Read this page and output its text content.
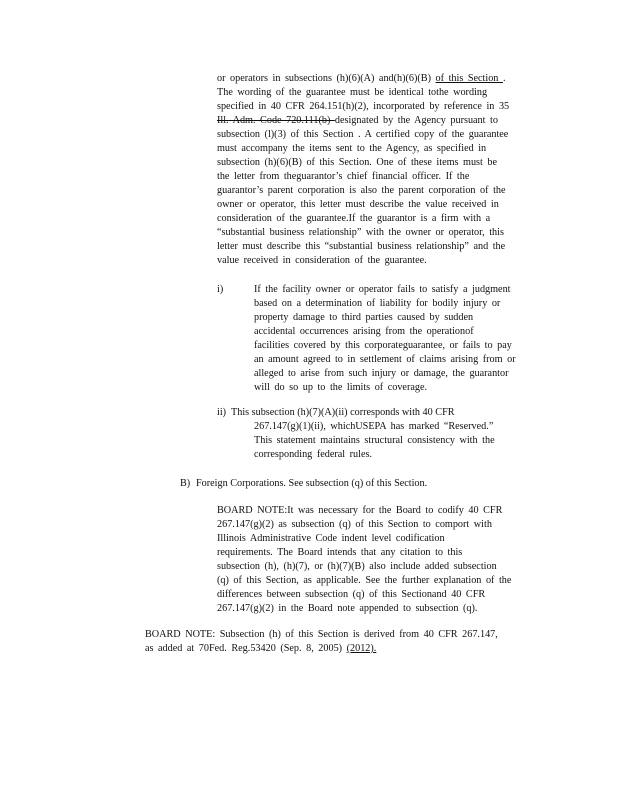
or operators in subsections (h)(6)(A) and(h)(6)(B) of this Section .

The wording of the guarantee must be identical tothe wording

specified in 40 CFR 264.151(h)(2), incorporated by reference in 35

Ill. Adm. Code 720.111(b) designated by the Agency pursuant to

subsection (l)(3) of this Section . A certified copy of the guarantee

must accompany the items sent to the Agency, as specified in

subsection (h)(6)(B) of this Section. One of these items must be

the letter from theguarantor’s chief financial officer. If the

guarantor’s parent corporation is also the parent corporation of the

owner or operator, this letter must describe the value received in

consideration of the guarantee.If the guarantor is a firm with a

“substantial business relationship” with the owner or operator, this

letter must describe this “substantial business relationship” and the

value received in consideration of the guarantee.

i)	If the facility owner or operator fails to satisfy a judgment

based on a determination of liability for bodily injury or

property damage to third parties caused by sudden

accidental occurrences arising from the operationof

facilities covered by this corporateguarantee, or fails to pay

an amount agreed to in settlement of claims arising from or

alleged to arise from such injury or damage, the guarantor

will do so up to the limits of coverage.

ii) This subsection (h)(7)(A)(ii) corresponds with 40 CFR

267.147(g)(1)(ii), whichUSEPA has marked “Reserved.”

This statement maintains structural consistency with the

corresponding federal rules.

B) Foreign Corporations. See subsection (q) of this Section.

BOARD NOTE:It was necessary for the Board to codify 40 CFR

267.147(g)(2) as subsection (q) of this Section to comport with

Illinois Administrative Code indent level codification

requirements. The Board intends that any citation to this

subsection (h), (h)(7), or (h)(7)(B) also include added subsection

(q) of this Section, as applicable. See the further explanation of the

differences between subsection (q) of this Sectionand 40 CFR

267.147(g)(2) in the Board note appended to subsection (q).

BOARD NOTE: Subsection (h) of this Section is derived from 40 CFR 267.147,

as added at 70Fed. Reg.53420 (Sep. 8, 2005) (2012).
